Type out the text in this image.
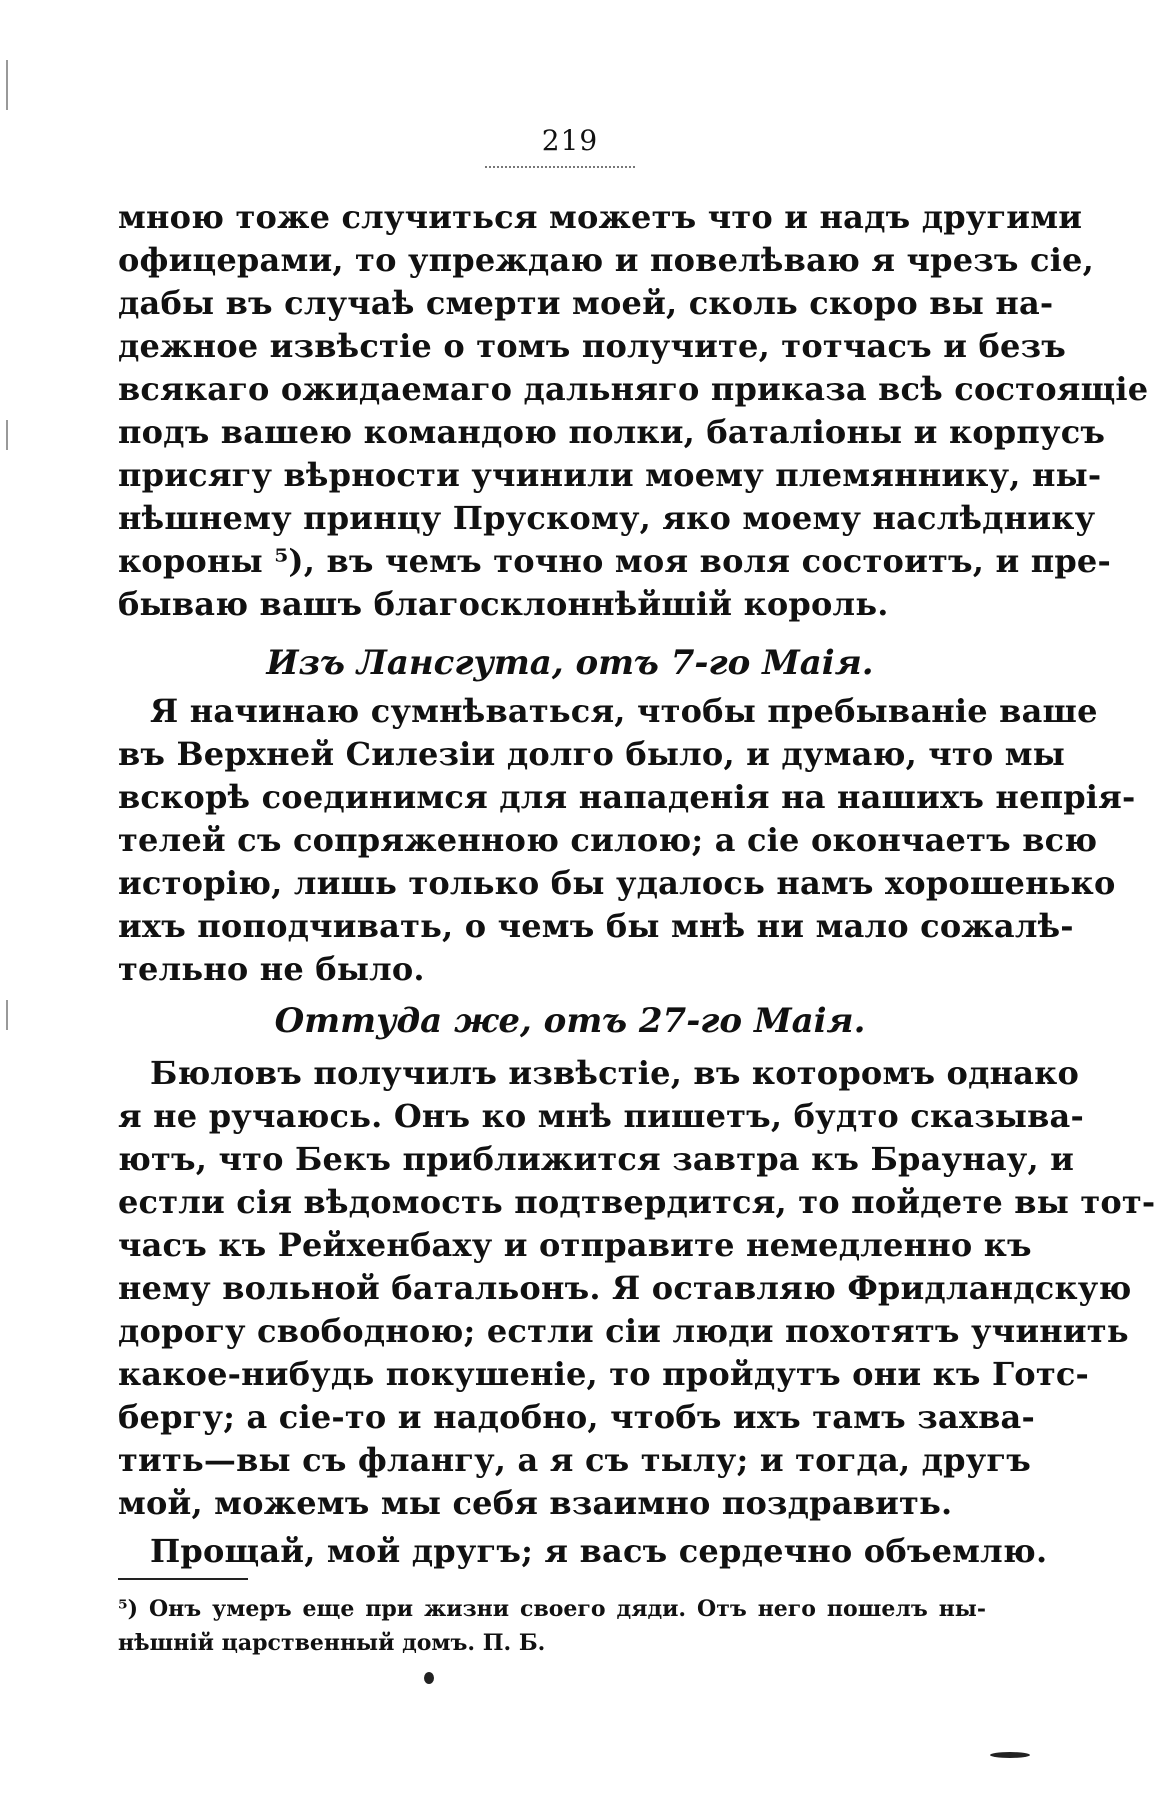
219
мною тоже случиться можетъ что и надъ другими
офицерами, то упреждаю и повелѣваю я чрезъ сіе,
дабы въ случаѣ смерти моей, сколь скоро вы на-
дежное извѣстіе о томъ получите, тотчасъ и безъ
всякаго ожидаемаго дальняго приказа всѣ состоящіе
подъ вашею командою полки, баталіоны и корпусъ
присягу вѣрности учинили моему племяннику, ны-
нѣшнему принцу Прускому, яко моему наслѣднику
короны ⁵), въ чемъ точно моя воля состоитъ, и пре-
бываю вашъ благосклоннѣйшій король.
Изъ Лансгута, отъ 7-го Маія.
Я начинаю сумнѣваться, чтобы пребываніе ваше
въ Верхней Силезіи долго было, и думаю, что мы
вскорѣ соединимся для нападенія на нашихъ непрія-
телей съ сопряженною силою; а сіе окончаетъ всю
исторію, лишь только бы удалось намъ хорошенько
ихъ поподчивать, о чемъ бы мнѣ ни мало сожалѣ-
тельно не было.
Оттуда же, отъ 27-го Маія.
Бюловъ получилъ извѣстіе, въ которомъ однако
я не ручаюсь. Онъ ко мнѣ пишетъ, будто сказыва-
ютъ, что Бекъ приближится завтра къ Браунау, и
естли сія вѣдомость подтвердится, то пойдете вы тот-
часъ къ Рейхенбаху и отправите немедленно къ
нему вольной батальонъ. Я оставляю Фридландскую
дорогу свободною; естли сіи люди похотятъ учинить
какое-нибудь покушеніе, то пройдутъ они къ Готс-
бергу; а сіе-то и надобно, чтобъ ихъ тамъ захва-
тить—вы съ флангу, а я съ тылу; и тогда, другъ
мой, можемъ мы себя взаимно поздравить.
Прощай, мой другъ; я васъ сердечно объемлю.
⁵) Онъ умеръ еще при жизни своего дяди. Отъ него пошелъ ны-
нѣшній царственный домъ. П. Б.
